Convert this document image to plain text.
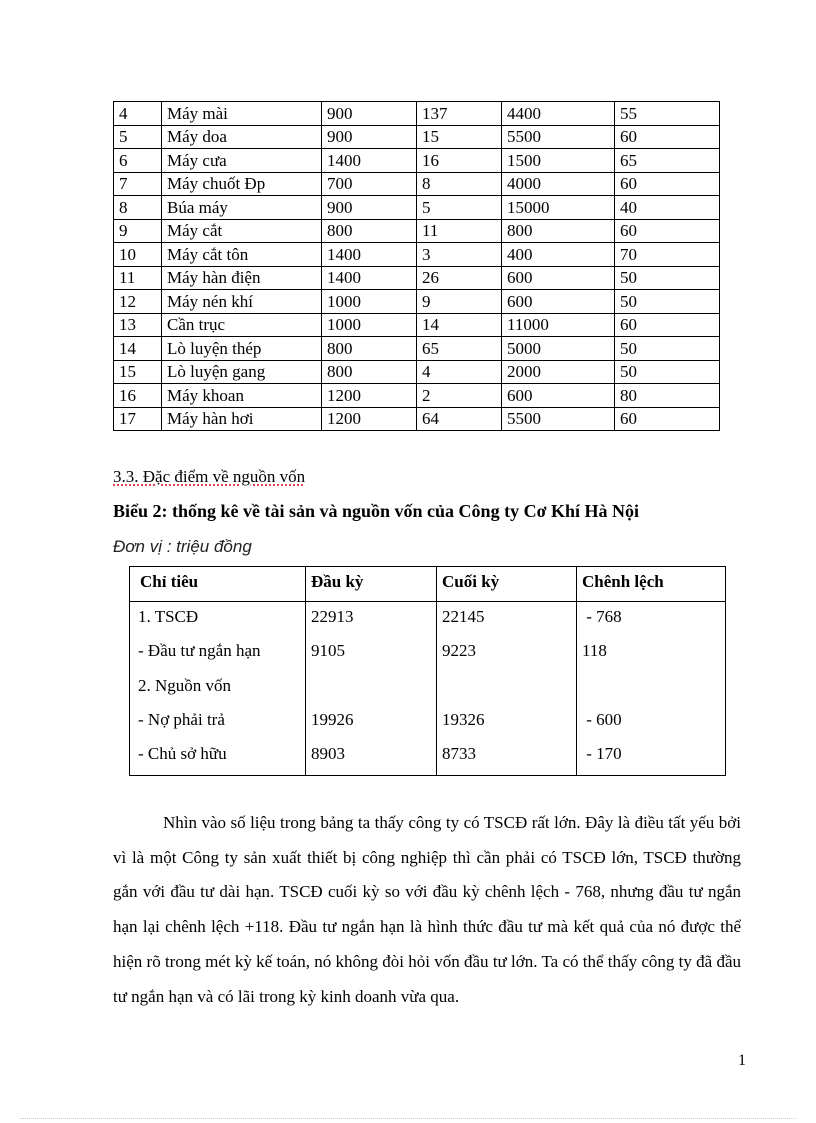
4	Máy mài	900	137	4400	55
5	Máy doa	900	15	5500	60
6	Máy cưa	1400	16	1500	65
7	Máy chuốt Đp	700	8	4000	60
8	Búa máy	900	5	15000	40
9	Máy cắt	800	11	800	60
10	Máy cắt tôn	1400	3	400	70
11	Máy hàn điện	1400	26	600	50
12	Máy nén khí	1000	9	600	50
13	Cần trục	1000	14	11000	60
14	Lò luyện thép	800	65	5000	50
15	Lò luyện gang	800	4	2000	50
16	Máy khoan	1200	2	600	80
17	Máy hàn hơi	1200	64	5500	60
3.3. Đặc điểm về nguồn vốn
Biểu 2: thống kê về tài sản và nguồn vốn của Công ty Cơ Khí Hà Nội
Đơn vị : triệu đồng
Chỉ tiêu	Đầu kỳ	Cuối kỳ	Chênh lệch
1. TSCĐ	22913	22145	- 768
- Đầu tư ngắn hạn	9105	9223	118
2. Nguồn vốn
- Nợ phải trả	19926	19326	- 600
- Chủ sở hữu	8903	8733	- 170

Nhìn vào số liệu trong bảng ta thấy công ty có TSCĐ rất lớn. Đây là điều tất yếu bởi vì là một Công ty sản xuất thiết bị công nghiệp thì cần phải có TSCĐ lớn, TSCĐ thường gắn với đầu tư dài hạn. TSCĐ cuối kỳ so với đầu kỳ chênh lệch - 768, nhưng đầu tư ngắn hạn lại chênh lệch +118. Đầu tư ngắn hạn là hình thức đầu tư mà kết quả của nó được thể hiện rõ trong mét kỳ kế toán, nó không đòi hỏi vốn đầu tư lớn. Ta có thể thấy công ty đã đầu tư ngắn hạn và có lãi trong kỳ kinh doanh vừa qua.

1
